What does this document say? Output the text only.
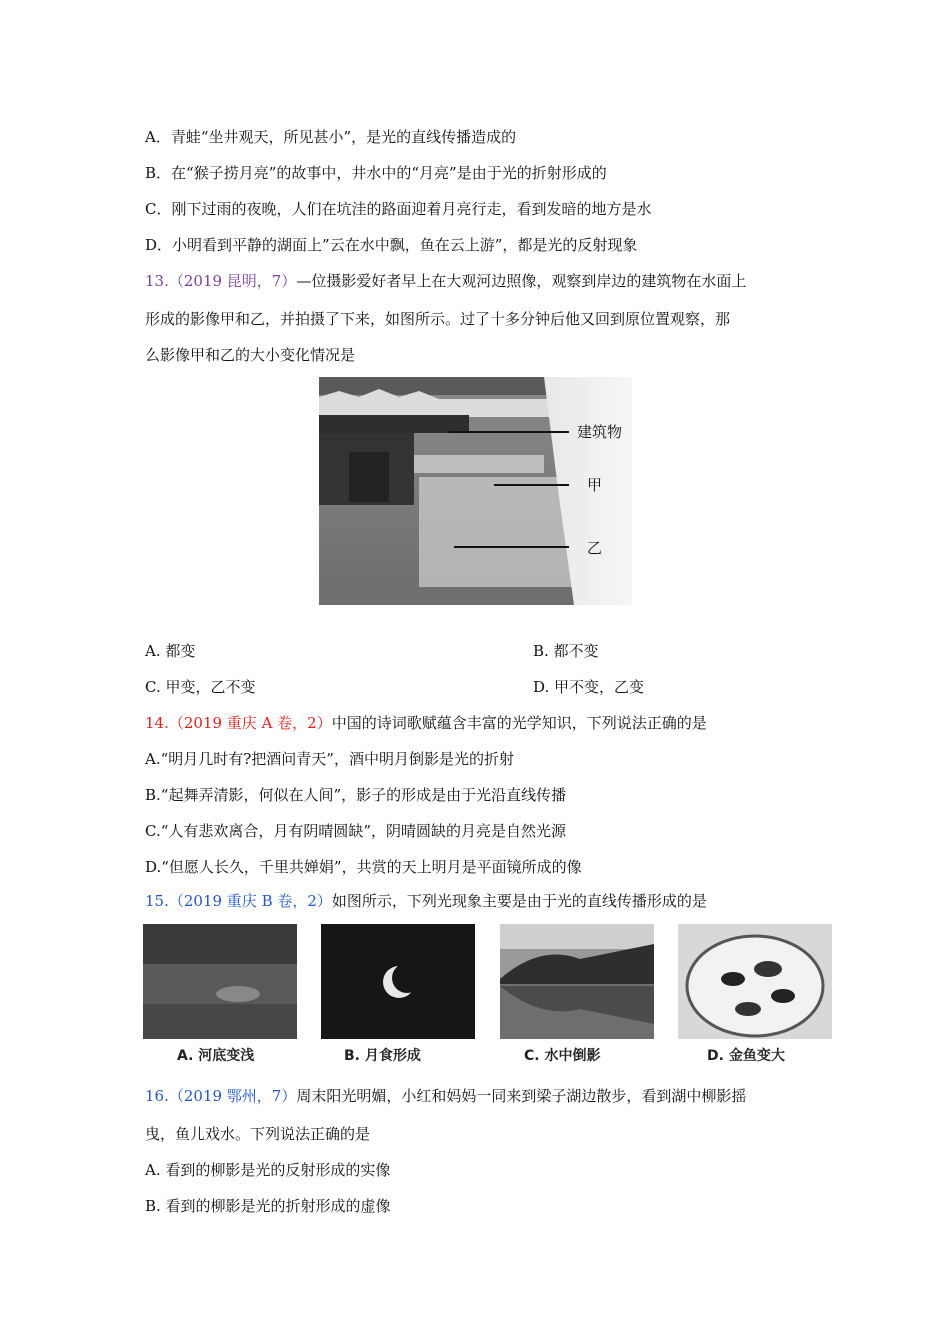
A．青蛙“坐井观天，所见甚小”，是光的直线传播造成的
B．在“猴子捞月亮”的故事中，井水中的“月亮”是由于光的折射形成的
C．刚下过雨的夜晚，人们在坑洼的路面迎着月亮行走，看到发暗的地方是水
D．小明看到平静的湖面上”云在水中飘，鱼在云上游”，都是光的反射现象
13.（2019 昆明，7）—位摄影爱好者早上在大观河边照像，观察到岸边的建筑物在水面上
形成的影像甲和乙，并拍摄了下来，如图所示。过了十多分钟后他又回到原位置观察，那
么影像甲和乙的大小变化情况是
建筑物
甲
乙
A. 都变	B. 都不变
C. 甲变，乙不变	D. 甲不变，乙变
14.（2019 重庆 A 卷，2）中国的诗词歌赋蕴含丰富的光学知识，下列说法正确的是
A.“明月几时有?把酒问青天”，酒中明月倒影是光的折射
B.“起舞弄清影，何似在人间”，影子的形成是由于光沿直线传播
C.“人有悲欢离合，月有阴晴圆缺”，阴晴圆缺的月亮是自然光源
D.“但愿人长久，千里共婵娟”，共赏的天上明月是平面镜所成的像
15.（2019 重庆 B 卷，2）如图所示，下列光现象主要是由于光的直线传播形成的是
A. 河底变浅	B. 月食形成	C. 水中倒影	D. 金鱼变大
16.（2019 鄂州，7）周末阳光明媚，小红和妈妈一同来到梁子湖边散步，看到湖中柳影摇
曳，鱼儿戏水。下列说法正确的是
A. 看到的柳影是光的反射形成的实像
B. 看到的柳影是光的折射形成的虚像
